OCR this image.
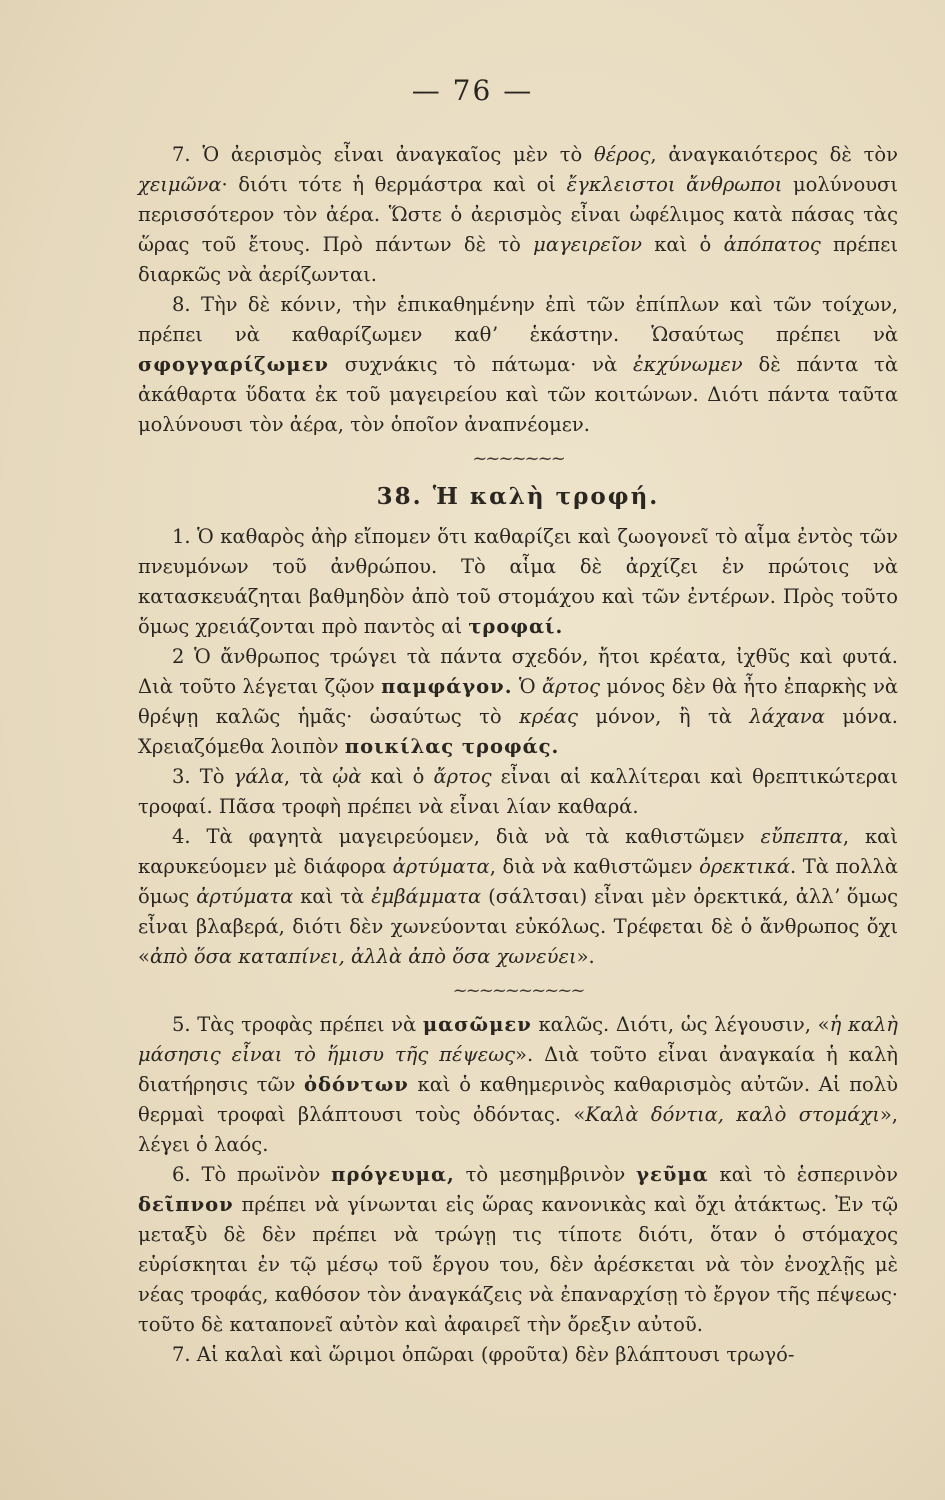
— 76 —

7. Ὁ ἀερισμὸς εἶναι ἀναγκαῖος μὲν τὸ θέρος, ἀναγκαιότερος δὲ τὸν χειμῶνα· διότι τότε ἡ θερμάστρα καὶ οἱ ἔγκλειστοι ἄνθρωποι μολύνουσι περισσότερον τὸν ἀέρα. Ὥστε ὁ ἀερισμὸς εἶναι ὠφέλιμος κατὰ πάσας τὰς ὥρας τοῦ ἔτους. Πρὸ πάντων δὲ τὸ μαγειρεῖον καὶ ὁ ἀπόπατος πρέπει διαρκῶς νὰ ἀερίζωνται.

8. Τὴν δὲ κόνιν, τὴν ἐπικαθημένην ἐπὶ τῶν ἐπίπλων καὶ τῶν τοίχων, πρέπει νὰ καθαρίζωμεν καθʼ ἑκάστην. Ὡσαύτως πρέπει νὰ σφογγαρίζωμεν συχνάκις τὸ πάτωμα· νὰ ἐκχύνωμεν δὲ πάντα τὰ ἀκάθαρτα ὕδατα ἐκ τοῦ μαγειρείου καὶ τῶν κοιτώνων. Διότι πάντα ταῦτα μολύνουσι τὸν ἀέρα, τὸν ὁποῖον ἀναπνέομεν.

~~~~~~~
38. Ἡ καλὴ τροφή.

1. Ὁ καθαρὸς ἀὴρ εἴπομεν ὅτι καθαρίζει καὶ ζωογονεῖ τὸ αἷμα ἐντὸς τῶν πνευμόνων τοῦ ἀνθρώπου. Τὸ αἷμα δὲ ἀρχίζει ἐν πρώτοις νὰ κατασκευάζηται βαθμηδὸν ἀπὸ τοῦ στομάχου καὶ τῶν ἐντέρων. Πρὸς τοῦτο ὅμως χρειάζονται πρὸ παντὸς αἱ τροφαί.

2 Ὁ ἄνθρωπος τρώγει τὰ πάντα σχεδόν, ἤτοι κρέατα, ἰχθῦς καὶ φυτά. Διὰ τοῦτο λέγεται ζῷον παμφάγον. Ὁ ἄρτος μόνος δὲν θὰ ἦτο ἐπαρκὴς νὰ θρέψῃ καλῶς ἡμᾶς· ὡσαύτως τὸ κρέας μόνον, ἢ τὰ λάχανα μόνα. Χρειαζόμεθα λοιπὸν ποικίλας τροφάς.

3. Τὸ γάλα, τὰ ᾠὰ καὶ ὁ ἄρτος εἶναι αἱ καλλίτεραι καὶ θρεπτικώτεραι τροφαί. Πᾶσα τροφὴ πρέπει νὰ εἶναι λίαν καθαρά.

4. Τὰ φαγητὰ μαγειρεύομεν, διὰ νὰ τὰ καθιστῶμεν εὔπεπτα, καὶ καρυκεύομεν μὲ διάφορα ἀρτύματα, διὰ νὰ καθιστῶμεν ὀρεκτικά. Τὰ πολλὰ ὅμως ἀρτύματα καὶ τὰ ἐμβάμματα (σάλτσαι) εἶναι μὲν ὀρεκτικά, ἀλλʼ ὅμως εἶναι βλαβερά, διότι δὲν χωνεύονται εὐκόλως. Τρέφεται δὲ ὁ ἄνθρωπος ὄχι «ἀπὸ ὅσα καταπίνει, ἀλλὰ ἀπὸ ὅσα χωνεύει».

~~~~~~~~~~

5. Τὰς τροφὰς πρέπει νὰ μασῶμεν καλῶς. Διότι, ὡς λέγουσιν, «ἡ καλὴ μάσησις εἶναι τὸ ἥμισυ τῆς πέψεως». Διὰ τοῦτο εἶναι ἀναγκαία ἡ καλὴ διατήρησις τῶν ὀδόντων καὶ ὁ καθημερινὸς καθαρισμὸς αὐτῶν. Αἱ πολὺ θερμαὶ τροφαὶ βλάπτουσι τοὺς ὀδόντας. «Καλὰ δόντια, καλὸ στομάχι», λέγει ὁ λαός.

6. Τὸ πρωϊνὸν πρόγευμα, τὸ μεσημβρινὸν γεῦμα καὶ τὸ ἑσπερινὸν δεῖπνον πρέπει νὰ γίνωνται εἰς ὥρας κανονικὰς καὶ ὄχι ἀτάκτως. Ἐν τῷ μεταξὺ δὲ δὲν πρέπει νὰ τρώγῃ τις τίποτε διότι, ὅταν ὁ στόμαχος εὑρίσκηται ἐν τῷ μέσῳ τοῦ ἔργου του, δὲν ἀρέσκεται νὰ τὸν ἐνοχλῇς μὲ νέας τροφάς, καθόσον τὸν ἀναγκάζεις νὰ ἐπαναρχίσῃ τὸ ἔργον τῆς πέψεως· τοῦτο δὲ καταπονεῖ αὐτὸν καὶ ἀφαιρεῖ τὴν ὄρεξιν αὐτοῦ.

7. Αἱ καλαὶ καὶ ὥριμοι ὀπῶραι (φροῦτα) δὲν βλάπτουσι τρωγό-
